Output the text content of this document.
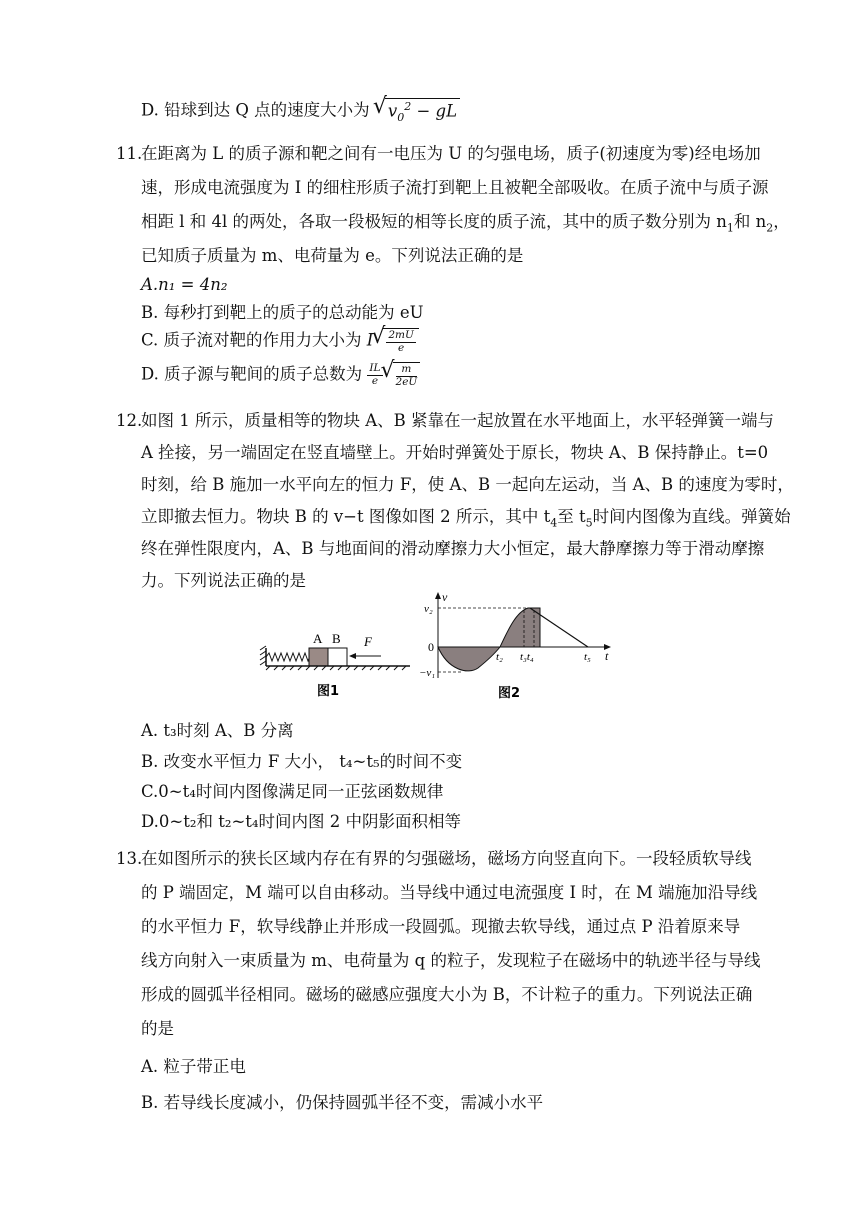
D. 铅球到达 Q 点的速度大小为 √ $v_0^2$ − gL
11.
在距离为 L 的质子源和靶之间有一电压为 U 的匀强电场，质子(初速度为零)经电场加
速，形成电流强度为 I 的细柱形质子流打到靶上且被靶全部吸收。在质子流中与质子源
相距 l 和 4l 的两处，各取一段极短的相等长度的质子流，其中的质子数分别为 $n_1$和 $n_2$，
已知质子质量为 m、电荷量为 e。下列说法正确的是
A.n₁ = 4n₂
B. 每秒打到靶上的质子的总动能为 eU
C. 质子流对靶的作用力大小为 I √ $\frac{2mU}{e}$
D. 质子源与靶间的质子总数为 $\frac{IL}{e}$ √ $\frac{m}{2eU}$
12.
如图 1 所示，质量相等的物块 A、B 紧靠在一起放置在水平地面上，水平轻弹簧一端与
A 拴接，另一端固定在竖直墙壁上。开始时弹簧处于原长，物块 A、B 保持静止。t=0
时刻，给 B 施加一水平向左的恒力 F，使 A、B 一起向左运动，当 A、B 的速度为零时，
立即撤去恒力。物块 B 的 v−t 图像如图 2 所示，其中 $t_4$至 $t_5$时间内图像为直线。弹簧始
终在弹性限度内，A、B 与地面间的滑动摩擦力大小恒定，最大静摩擦力等于滑动摩擦
力。下列说法正确的是
A B F
图1
v
t
v₂
0
−v₁
t₂ t₃t₄	t₅
图2
A. t₃时刻 A、B 分离
B. 改变水平恒力 F 大小， t₄~t₅的时间不变
C.0~t₄时间内图像满足同一正弦函数规律
D.0~t₂和 t₂~t₄时间内图 2 中阴影面积相等
13.
在如图所示的狭长区域内存在有界的匀强磁场，磁场方向竖直向下。一段轻质软导线
的 P 端固定，M 端可以自由移动。当导线中通过电流强度 I 时，在 M 端施加沿导线
的水平恒力 F，软导线静止并形成一段圆弧。现撤去软导线，通过点 P 沿着原来导
线方向射入一束质量为 m、电荷量为 q 的粒子，发现粒子在磁场中的轨迹半径与导线
形成的圆弧半径相同。磁场的磁感应强度大小为 B，不计粒子的重力。下列说法正确
的是
A. 粒子带正电
B. 若导线长度减小，仍保持圆弧半径不变，需减小水平
